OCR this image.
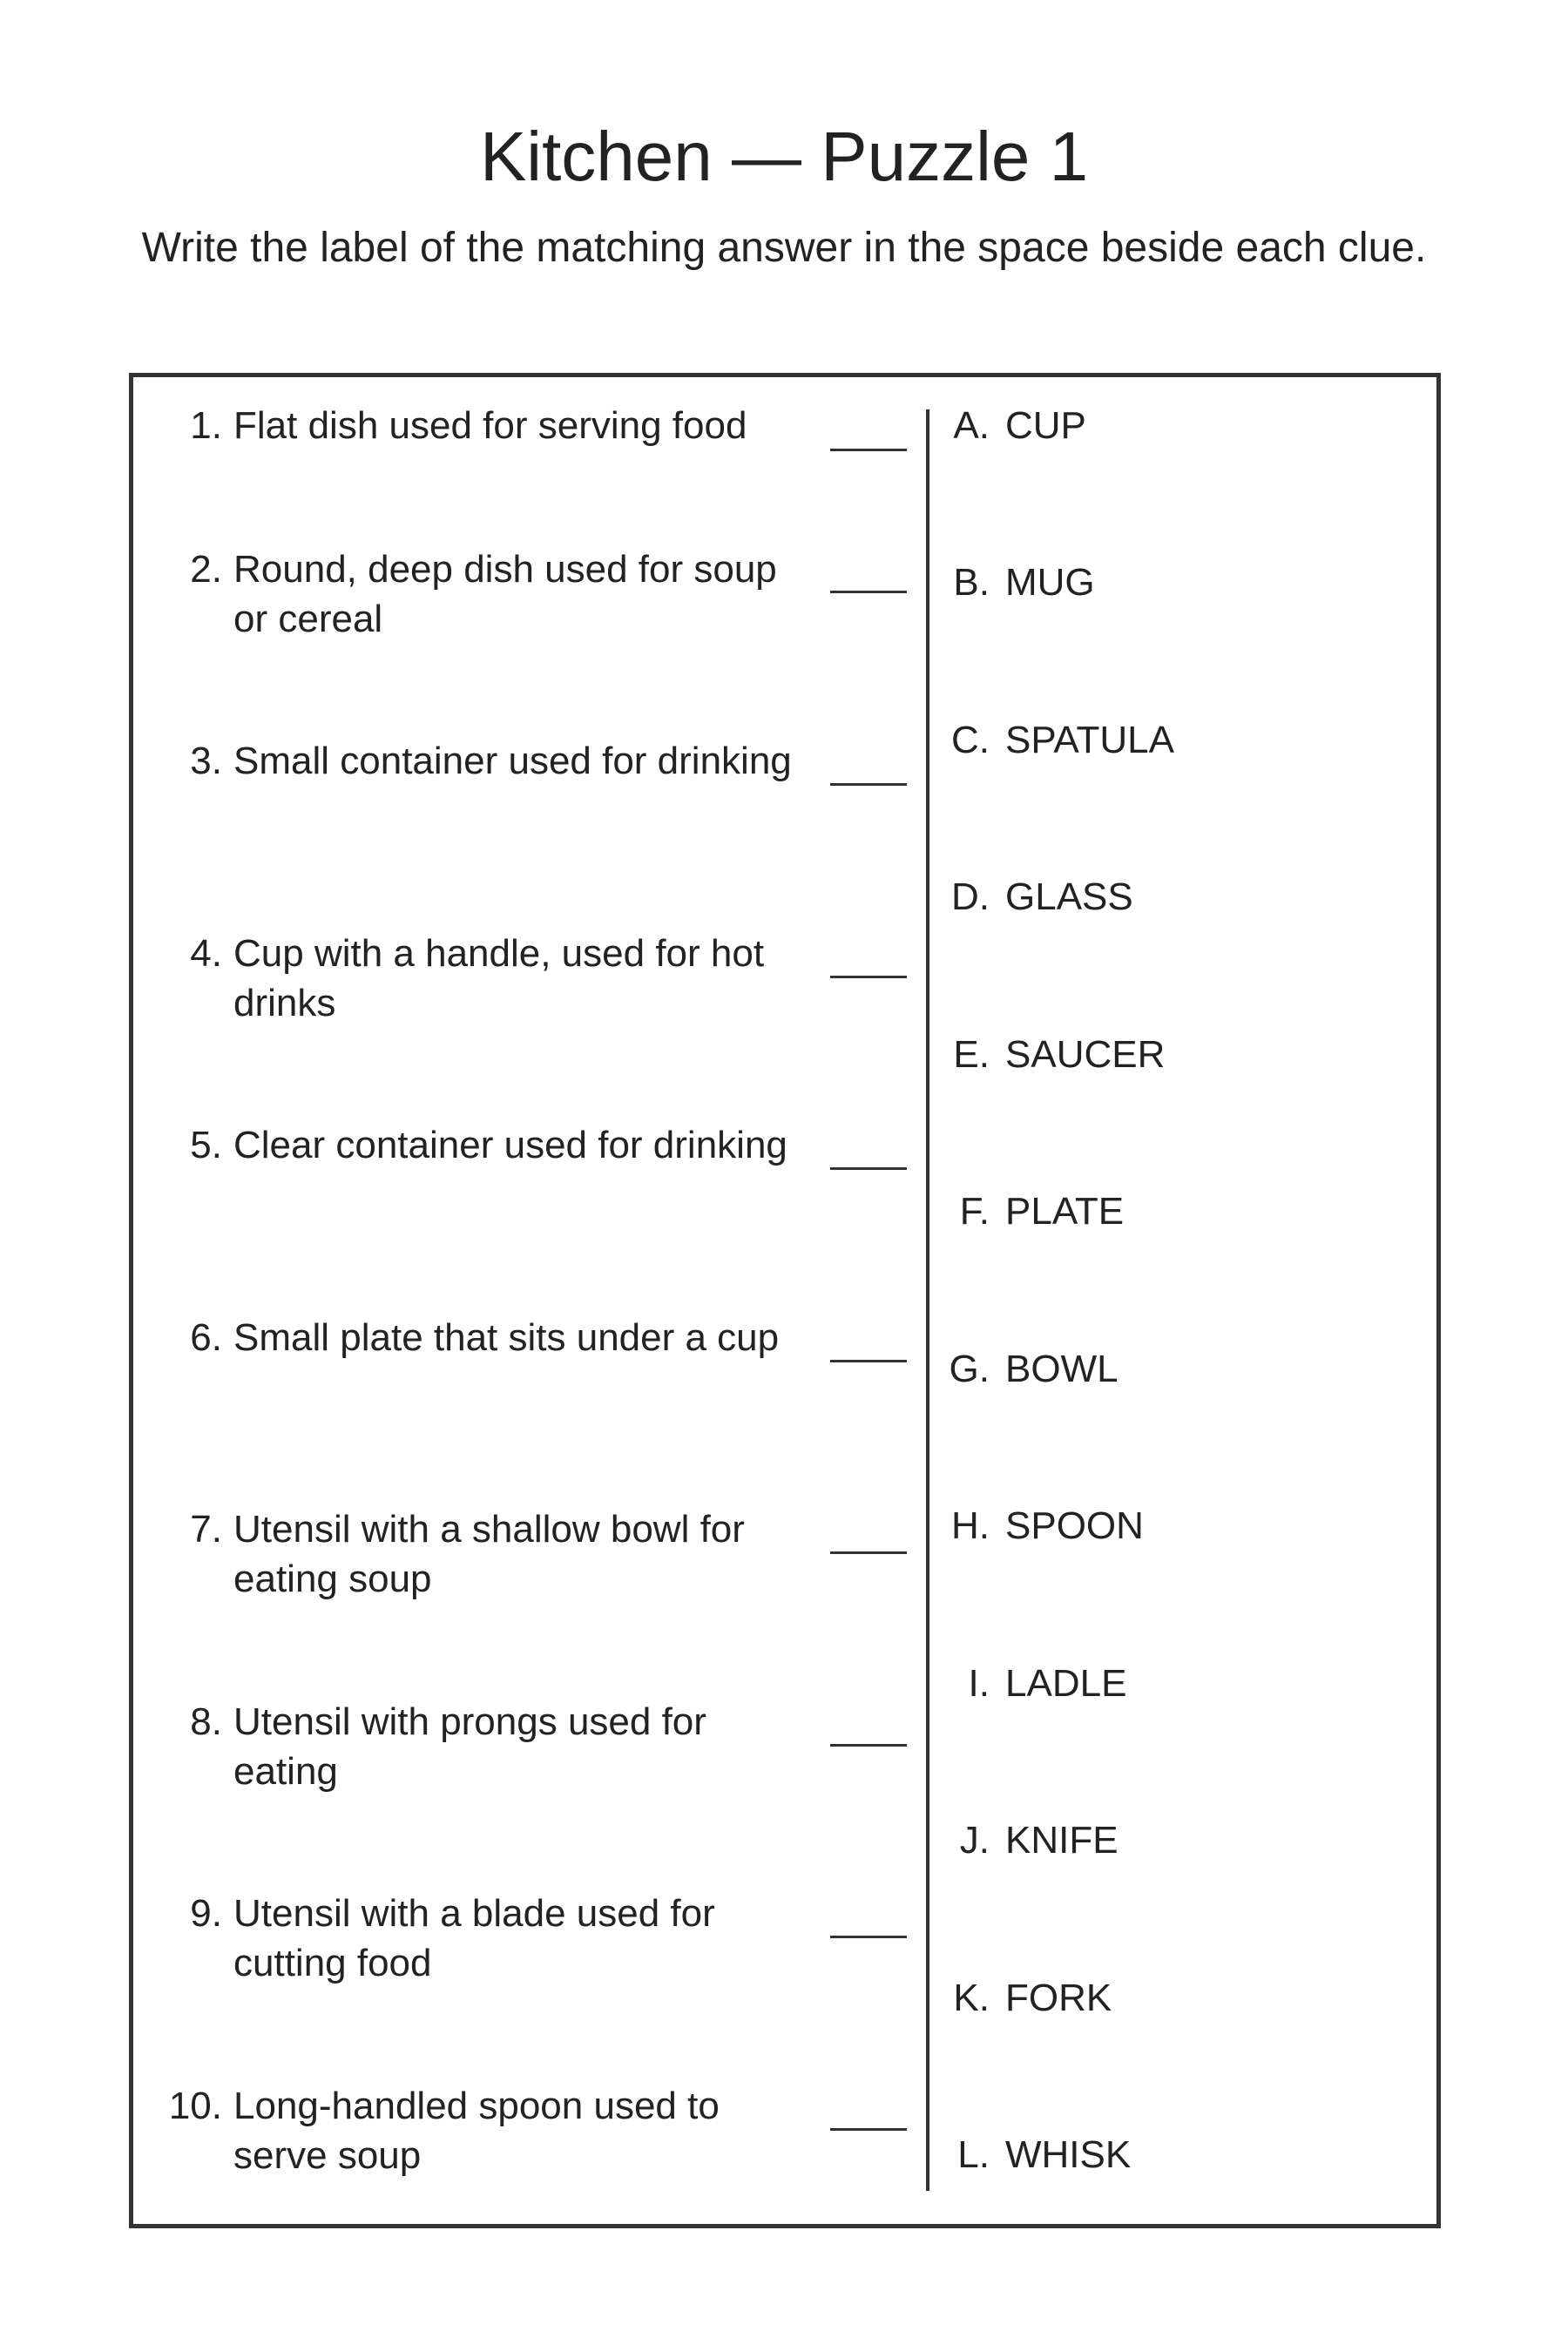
Kitchen — Puzzle 1

Write the label of the matching answer in the space beside each clue.

1. Flat dish used for serving food
2. Round, deep dish used for soup or cereal
3. Small container used for drinking
4. Cup with a handle, used for hot drinks
5. Clear container used for drinking
6. Small plate that sits under a cup
7. Utensil with a shallow bowl for eating soup
8. Utensil with prongs used for eating
9. Utensil with a blade used for cutting food
10. Long-handled spoon used to serve soup
A. CUP
B. MUG
C. SPATULA
D. GLASS
E. SAUCER
F. PLATE
G. BOWL
H. SPOON
I. LADLE
J. KNIFE
K. FORK
L. WHISK
